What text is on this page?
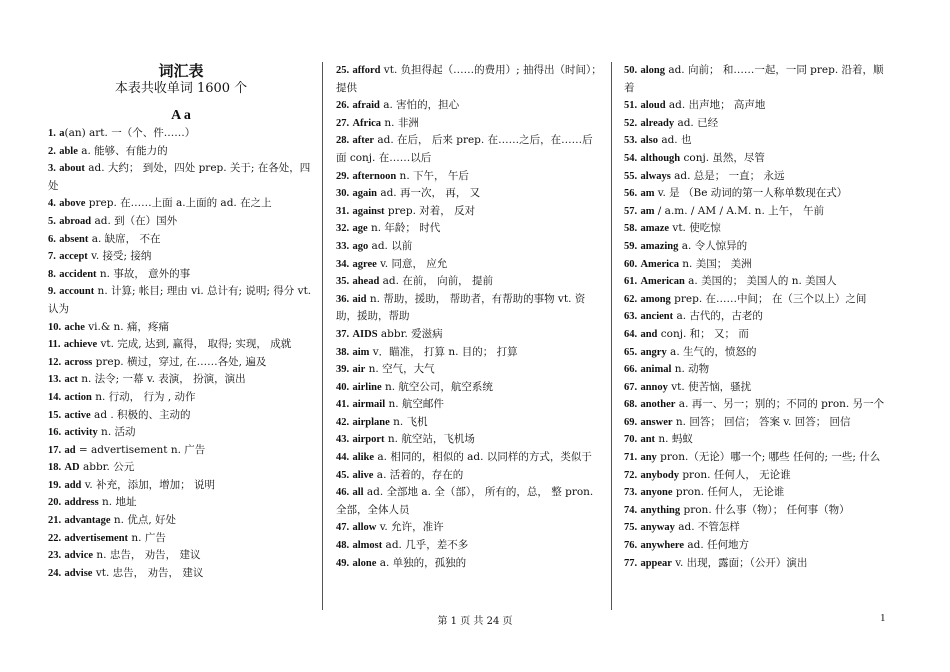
词汇表
本表共收单词 1600 个
A a
1. a(an) art. 一（个、件……）
2. able a. 能够、有能力的
3. about ad. 大约； 到处，四处 prep. 关于; 在各处，四处
4. above prep. 在……上面 a.上面的 ad. 在之上
5. abroad ad. 到（在）国外
6. absent a. 缺席， 不在
7. accept v. 接受; 接纳
8. accident n. 事故， 意外的事
9. account n. 计算; 帐目; 理由 vi. 总计有; 说明; 得分 vt. 认为
10. ache vi.& n. 痛，疼痛
11. achieve vt. 完成, 达到, 赢得， 取得; 实现， 成就
12. across prep. 横过，穿过, 在……各处, 遍及
13. act n. 法令; 一幕 v. 表演， 扮演，演出
14. action n. 行动， 行为 , 动作
15. active ad . 积极的、主动的
16. activity n. 活动
17. ad = advertisement n. 广告
18. AD abbr. 公元
19. add v. 补充，添加，增加； 说明
20. address n. 地址
21. advantage n. 优点, 好处
22. advertisement n. 广告
23. advice n. 忠告， 劝告， 建议
24. advise vt. 忠告， 劝告， 建议
25. afford vt. 负担得起（……的费用）; 抽得出（时间）；提供
26. afraid a. 害怕的，担心
27. Africa n. 非洲
28. after ad. 在后， 后来 prep. 在……之后，在……后面 conj. 在……以后
29. afternoon n. 下午， 午后
30. again ad. 再一次， 再， 又
31. against prep. 对着， 反对
32. age n. 年龄； 时代
33. ago ad. 以前
34. agree v. 同意， 应允
35. ahead ad. 在前， 向前， 提前
36. aid n. 帮助，援助， 帮助者，有帮助的事物 vt. 资助，援助，帮助
37. AIDS abbr. 爱滋病
38. aim v．瞄准， 打算 n. 目的； 打算
39. air n. 空气，大气
40. airline n. 航空公司，航空系统
41. airmail n. 航空邮件
42. airplane n. 飞机
43. airport n. 航空站，飞机场
44. alike a. 相同的，相似的 ad. 以同样的方式，类似于
45. alive a. 活着的，存在的
46. all ad. 全部地 a. 全（部）， 所有的，总， 整 pron. 全部，全体人员
47. allow v. 允许，准许
48. almost ad. 几乎，差不多
49. alone a. 单独的，孤独的
50. along ad. 向前； 和……一起，一同 prep. 沿着，顺着
51. aloud ad. 出声地； 高声地
52. already ad. 已经
53. also ad. 也
54. although conj. 虽然，尽管
55. always ad. 总是； 一直； 永远
56. am v. 是 （Be 动词的第一人称单数现在式）
57. am / a.m. / AM / A.M. n. 上午， 午前
58. amaze vt. 使吃惊
59. amazing a. 令人惊异的
60. America n. 美国； 美洲
61. American a. 美国的； 美国人的 n. 美国人
62. among prep. 在……中间； 在（三个以上）之间
63. ancient a. 古代的，古老的
64. and conj. 和； 又； 而
65. angry a. 生气的，愤怒的
66. animal n. 动物
67. annoy vt. 使苦恼，骚扰
68. another a. 再一、另一；别的；不同的 pron. 另一个
69. answer n. 回答； 回信； 答案 v. 回答； 回信
70. ant n. 蚂蚁
71. any pron.（无论）哪一个; 哪些 任何的; 一些; 什么
72. anybody pron. 任何人， 无论谁
73. anyone pron. 任何人， 无论谁
74. anything pron. 什么事（物）； 任何事（物）
75. anyway ad. 不管怎样
76. anywhere ad. 任何地方
77. appear v. 出现，露面；（公开）演出
第 1 页 共 24 页	1
